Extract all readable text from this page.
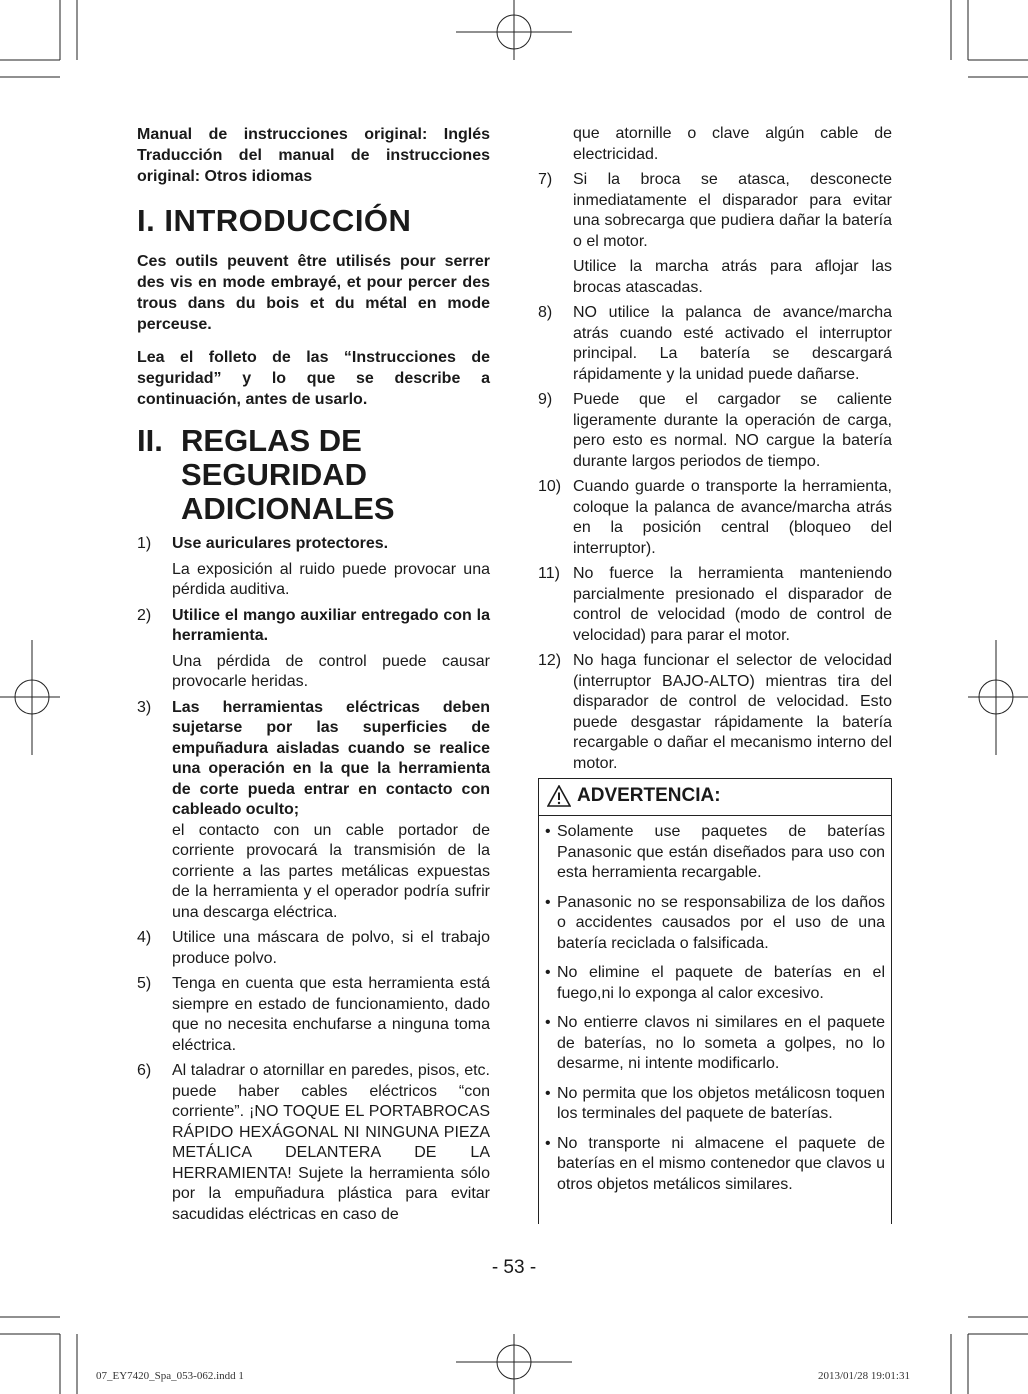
Manual de instrucciones original: Inglés Traducción del manual de instrucciones original: Otros idiomas
I. INTRODUCCIÓN

Ces outils peuvent être utilisés pour serrer des vis en mode embrayé, et pour percer des trous dans du bois et du métal en mode perceuse.

Lea el folleto de las “Instrucciones de seguridad” y lo que se describe a continuación, antes de usarlo.

II. REGLAS DE
SEGURIDAD
ADICIONALES
1)	Use auriculares protectores.
La exposición al ruido puede provocar una pérdida auditiva.
2)	Utilice el mango auxiliar entregado con la herramienta.
Una pérdida de control puede causar provocarle heridas.
3)	Las herramientas eléctricas deben sujetarse por las superficies de empuñadura aisladas cuando se realice una operación en la que la herramienta de corte pueda entrar en contacto con cableado oculto;
el contacto con un cable portador de corriente provocará la transmisión de la corriente a las partes metálicas expuestas de la herramienta y el operador podría sufrir una descarga eléctrica.
4)	Utilice una máscara de polvo, si el trabajo produce polvo.
5)	Tenga en cuenta que esta herramienta está siempre en estado de funcionamiento, dado que no necesita enchufarse a ninguna toma eléctrica.
6)	Al taladrar o atornillar en paredes, pisos, etc. puede haber cables eléctricos “con corriente”. ¡NO TOQUE EL PORTABROCAS RÁPIDO HEXÁGONAL NI NINGUNA PIEZA METÁLICA DELANTERA DE LA HERRAMIENTA! Sujete la herramienta sólo por la empuñadura plástica para evitar sacudidas eléctricas en caso de
que atornille o clave algún cable de electricidad.
7)	Si la broca se atasca, desconecte inmediatamente el disparador para evitar una sobrecarga que pudiera dañar la batería o el motor.
Utilice la marcha atrás para aflojar las brocas atascadas.
8)	NO utilice la palanca de avance/marcha atrás cuando esté activado el interruptor principal. La batería se descargará rápidamente y la unidad puede dañarse.
9)	Puede que el cargador se caliente ligeramente durante la operación de carga, pero esto es normal. NO cargue la batería durante largos periodos de tiempo.
10) Cuando guarde o transporte la herramienta, coloque la palanca de avance/marcha atrás en la posición central (bloqueo del interruptor).
11) No fuerce la herramienta manteniendo parcialmente presionado el disparador de control de velocidad (modo de control de velocidad) para parar el motor.
12) No haga funcionar el selector de velocidad (interruptor BAJO-ALTO) mientras tira del disparador de control de velocidad. Esto puede desgastar rápidamente la batería recargable o dañar el mecanismo interno del motor.
ADVERTENCIA:
• Solamente use paquetes de baterías Panasonic que están diseñados para uso con esta herramienta recargable.
• Panasonic no se responsabiliza de los daños o accidentes causados por el uso de una batería reciclada o falsificada.
• No elimine el paquete de baterías en el fuego,ni lo exponga al calor excesivo.
• No entierre clavos ni similares en el paquete de baterías, no lo someta a golpes, no lo desarme, ni intente modificarlo.
• No permita que los objetos metálicosn toquen los terminales del paquete de baterías.
• No transporte ni almacene el paquete de baterías en el mismo contenedor que clavos u otros objetos metálicos similares.
- 53 -
07_EY7420_Spa_053-062.indd 1	2013/01/28 19:01:31
